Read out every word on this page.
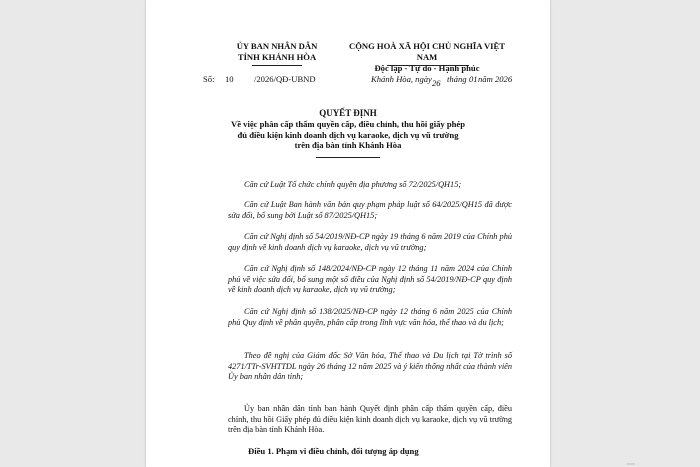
ỦY BAN NHÂN DÂN
TỈNH KHÁNH HÒA
CỘNG HOÀ XÃ HỘI CHỦ NGHĨA VIỆT NAM
Độc lập - Tự do - Hạnh phúc
Số: 10 /2026/QĐ-UBND	Khánh Hòa, ngày 26 tháng 01 năm 2026
QUYẾT ĐỊNH
Về việc phân cấp thẩm quyền cấp, điều chỉnh, thu hồi giấy phép đủ điều kiện kinh doanh dịch vụ karaoke, dịch vụ vũ trường trên địa bàn tỉnh Khánh Hòa
Căn cứ Luật Tổ chức chính quyền địa phương số 72/2025/QH15;
Căn cứ Luật Ban hành văn bản quy phạm pháp luật số 64/2025/QH15 đã được sửa đổi, bổ sung bởi Luật số 87/2025/QH15;
Căn cứ Nghị định số 54/2019/NĐ-CP ngày 19 tháng 6 năm 2019 của Chính phủ quy định về kinh doanh dịch vụ karaoke, dịch vụ vũ trường;
Căn cứ Nghị định số 148/2024/NĐ-CP ngày 12 tháng 11 năm 2024 của Chính phủ về việc sửa đổi, bổ sung một số điều của Nghị định số 54/2019/NĐ-CP quy định về kinh doanh dịch vụ karaoke, dịch vụ vũ trường;
Căn cứ Nghị định số 138/2025/NĐ-CP ngày 12 tháng 6 năm 2025 của Chính phủ Quy định về phân quyền, phân cấp trong lĩnh vực văn hóa, thể thao và du lịch;
Theo đề nghị của Giám đốc Sở Văn hóa, Thể thao và Du lịch tại Tờ trình số 4271/TTr-SVHTTDL ngày 26 tháng 12 năm 2025 và ý kiến thống nhất của thành viên Ủy ban nhân dân tỉnh;
Ủy ban nhân dân tỉnh ban hành Quyết định phân cấp thẩm quyền cấp, điều chỉnh, thu hồi Giấy phép đủ điều kiện kinh doanh dịch vụ karaoke, dịch vụ vũ trường trên địa bàn tỉnh Khánh Hòa.
Điều 1. Phạm vi điều chỉnh, đối tượng áp dụng
